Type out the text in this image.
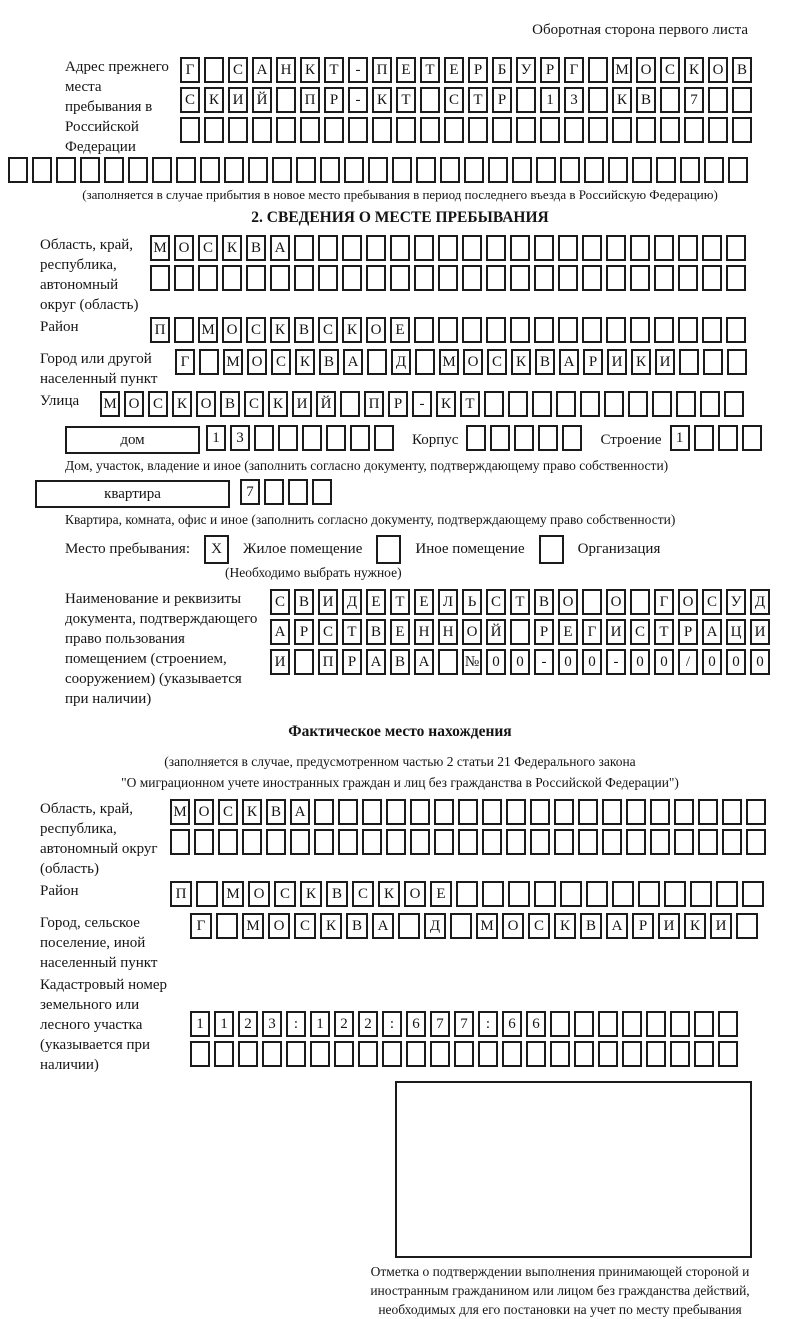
Оборотная сторона первого листа
Адрес прежнего места пребывания в Российской Федерации
Г	С А Н К Т - П Е Т Е Р Б У Р Г М О С К О В
С К И Й П Р - К Т	С Т Р	1 3	К В	7
(заполняется в случае прибытия в новое место пребывания в период последнего въезда в Российскую Федерацию)
2. СВЕДЕНИЯ О МЕСТЕ ПРЕБЫВАНИЯ
Область, край, республика, автономный округ (область)
М О С К В А
Район	П М О С К В С К О Е
Город или другой населенный пункт
Г М О С К В А Д М О С К В А Р И К И
Улица	М О С К О В С К И Й П Р - К Т
дом	1 3	Корпус	Строение 1
Дом, участок, владение и иное (заполнить согласно документу, подтверждающему право собственности)
квартира	7
Квартира, комната, офис и иное (заполнить согласно документу, подтверждающему право собственности)
Место пребывания:	X	Жилое помещение	Иное помещение	Организация
(Необходимо выбрать нужное)
Наименование и реквизиты документа, подтверждающего право пользования помещением (строением, сооружением) (указывается при наличии)
С В И Д Е Т Е Л Ь С Т В О О	Г О С У Д
А Р С Т В Е Н Н О Й	Р Е Г И С Т Р А Ц И
И П Р А В А № 0 0 - 0 0 - 0 0 / 0 0 0
Фактическое место нахождения
(заполняется в случае, предусмотренном частью 2 статьи 21 Федерального закона
"О миграционном учете иностранных граждан и лиц без гражданства в Российской Федерации")
Область, край, республика, автономный округ (область)
М О С К В А
Район	П	М О С К В С К О Е
Город, сельское поселение, иной населенный пункт
Г	М О С К В А	Д	М О С К В А Р И К И
Кадастровый номер земельного или лесного участка (указывается при наличии)
1 1 2 3 : 1 2 2 : 6 7 7 : 6 6
Отметка о подтверждении выполнения принимающей стороной и иностранным гражданином или лицом без гражданства действий, необходимых для его постановки на учет по месту пребывания
